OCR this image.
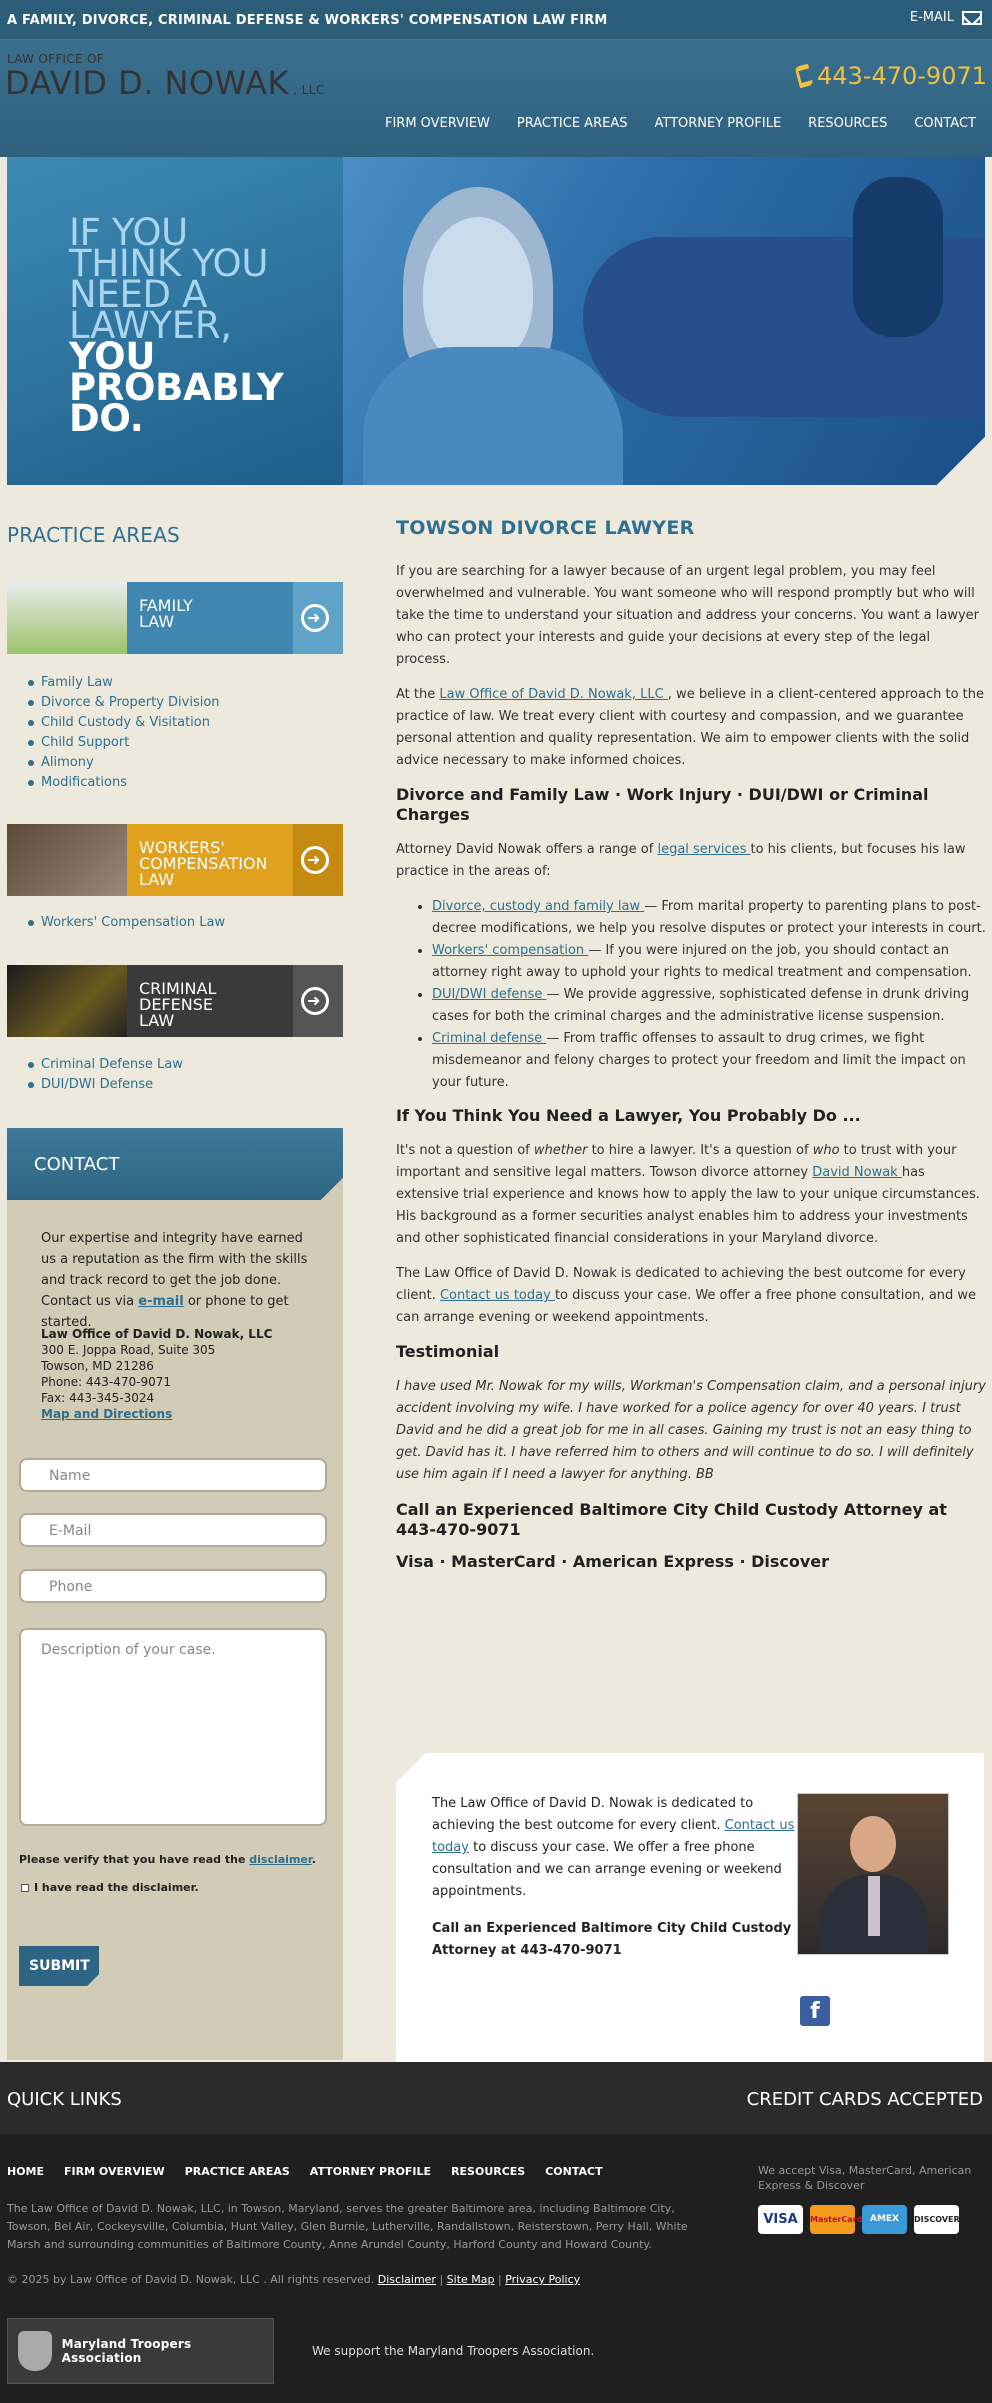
A FAMILY, DIVORCE, CRIMINAL DEFENSE & WORKERS' COMPENSATION LAW FIRM	E-MAIL
LAW OFFICE OF
DAVID D. NOWAK , LLC	443-470-9071
FIRM OVERVIEW PRACTICE AREAS ATTORNEY PROFILE RESOURCES CONTACT
IF YOU
THINK YOU
NEED A
LAWYER,
YOU
PROBABLY
DO.
PRACTICE AREAS
FAMILY
LAW
➜
Family Law
Divorce & Property Division
Child Custody & Visitation
Child Support
Alimony
Modifications
WORKERS'
COMPENSATION
LAW
➜
Workers' Compensation Law
CRIMINAL
DEFENSE
LAW
➜
Criminal Defense Law
DUI/DWI Defense
CONTACT
Our expertise and integrity have earned us a reputation as the firm with the skills and track record to get the job done. Contact us via e-mail or phone to get started.
Law Office of David D. Nowak, LLC
300 E. Joppa Road, Suite 305
Towson, MD 21286
Phone: 443-470-9071
Fax: 443-345-3024
Map and Directions
Name
E-Mail
Phone
Description of your case.
Please verify that you have read the disclaimer.
I have read the disclaimer.
SUBMIT
TOWSON DIVORCE LAWYER

If you are searching for a lawyer because of an urgent legal problem, you may feel overwhelmed and vulnerable. You want someone who will respond promptly but who will take the time to understand your situation and address your concerns. You want a lawyer who can protect your interests and guide your decisions at every step of the legal process.

At the Law Office of David D. Nowak, LLC , we believe in a client-centered approach to the practice of law. We treat every client with courtesy and compassion, and we guarantee personal attention and quality representation. We aim to empower clients with the solid advice necessary to make informed choices.

Divorce and Family Law · Work Injury · DUI/DWI or Criminal Charges

Attorney David Nowak offers a range of legal services to his clients, but focuses his law practice in the areas of:

• Divorce, custody and family law — From marital property to parenting plans to post-decree modifications, we help you resolve disputes or protect your interests in court.
• Workers' compensation — If you were injured on the job, you should contact an attorney right away to uphold your rights to medical treatment and compensation.
• DUI/DWI defense — We provide aggressive, sophisticated defense in drunk driving cases for both the criminal charges and the administrative license suspension.
• Criminal defense — From traffic offenses to assault to drug crimes, we fight misdemeanor and felony charges to protect your freedom and limit the impact on your future.
If You Think You Need a Lawyer, You Probably Do ...

It's not a question of whether to hire a lawyer. It's a question of who to trust with your important and sensitive legal matters. Towson divorce attorney David Nowak has extensive trial experience and knows how to apply the law to your unique circumstances. His background as a former securities analyst enables him to address your investments and other sophisticated financial considerations in your Maryland divorce.

The Law Office of David D. Nowak is dedicated to achieving the best outcome for every client. Contact us today to discuss your case. We offer a free phone consultation, and we can arrange evening or weekend appointments.

Testimonial

I have used Mr. Nowak for my wills, Workman's Compensation claim, and a personal injury accident involving my wife. I have worked for a police agency for over 40 years. I trust David and he did a great job for me in all cases. Gaining my trust is not an easy thing to get. David has it. I have referred him to others and will continue to do so. I will definitely use him again if I need a lawyer for anything. BB

Call an Experienced Baltimore City Child Custody Attorney at 443-470-9071
Visa · MasterCard · American Express · Discover
The Law Office of David D. Nowak is dedicated to achieving the best outcome for every client. Contact us today to discuss your case. We offer a free phone consultation and we can arrange evening or weekend appointments.
Call an Experienced Baltimore City Child Custody Attorney at 443-470-9071
f
QUICK LINKS	CREDIT CARDS ACCEPTED
HOME FIRM OVERVIEW PRACTICE AREAS ATTORNEY PROFILE RESOURCES CONTACT
The Law Office of David D. Nowak, LLC, in Towson, Maryland, serves the greater Baltimore area, including Baltimore City, Towson, Bel Air, Cockeysville, Columbia, Hunt Valley, Glen Burnie, Lutherville, Randallstown, Reisterstown, Perry Hall, White Marsh and surrounding communities of Baltimore County, Anne Arundel County, Harford County and Howard County.
© 2025 by Law Office of David D. Nowak, LLC . All rights reserved. Disclaimer | Site Map | Privacy Policy
We accept Visa, MasterCard, American Express & Discover
VISA	MasterCard AMEX	DISCOVER
Maryland Troopers Association	We support the Maryland Troopers Association.
